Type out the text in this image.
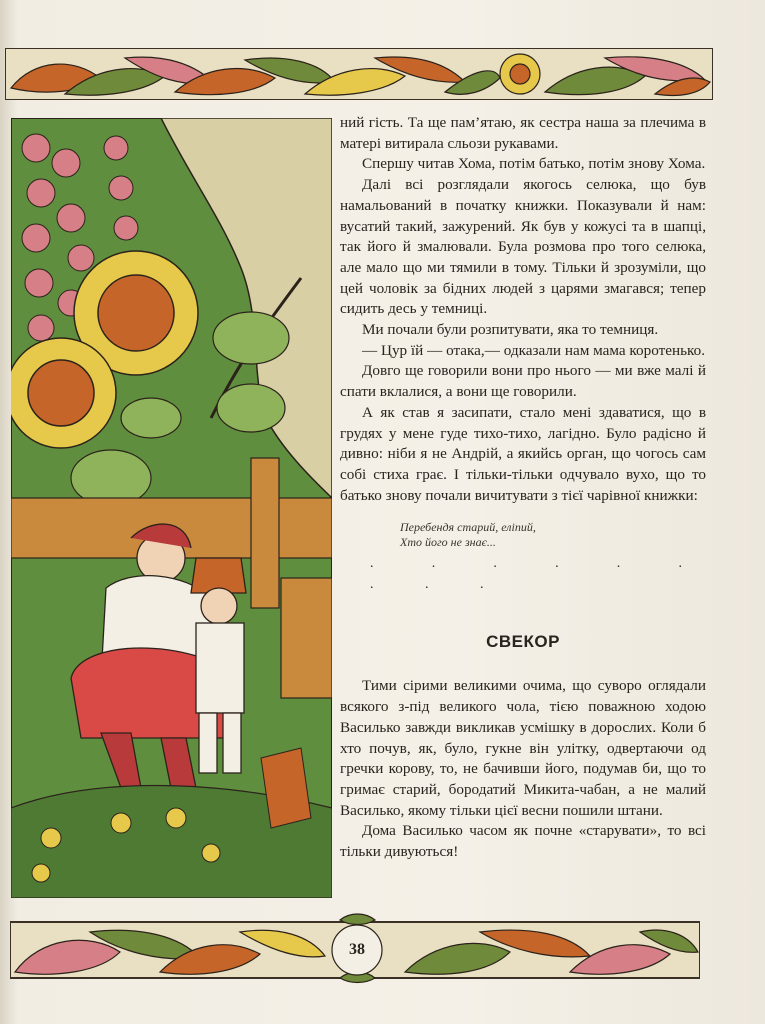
ний гість. Та ще пам’ятаю, як сестра наша за плечима в матері витирала сльози рукавами.

Спершу читав Хома, потім батько, потім знову Хома.

Далі всі розглядали якогось селюка, що був намальований в початку книжки. Показували й нам: вусатий такий, зажурений. Як був у кожусі та в шапці, так його й змалювали. Була розмова про того селюка, але мало що ми тямили в тому. Тільки й зрозуміли, що цей чоловік за бідних людей з царями змагався; тепер сидить десь у темниці.

Ми почали були розпитувати, яка то темниця.

— Цур їй — отака,— одказали нам мама коротенько.

Довго ще говорили вони про нього — ми вже малі й спати вклалися, а вони ще говорили.

А як став я засипати, стало мені здаватися, що в грудях у мене гуде тихо-тихо, лагідно. Було радісно й дивно: ніби я не Андрій, а якийсь орган, що чогось сам собі стиха грає. І тільки-тільки одчувало вухо, що то батько знову почали вичитувати з тієї чарівної книжки:

Перебендя старий, еліпий,
Хто його не знає...
. . . . . . . . .
СВЕКОР

Тими сірими великими очима, що суворо оглядали всякого з-під великого чола, тією поважною ходою Василько завжди викликав усмішку в дорослих. Коли б хто почув, як, було, гукне він улітку, одвертаючи од гречки корову, то, не бачивши його, подумав би, що то гримає старий, бородатий Микита-чабан, а не малий Василько, якому тільки цієї весни пошили штани.

Дома Василько часом як почне «старувати», то всі тільки дивуються!

38
